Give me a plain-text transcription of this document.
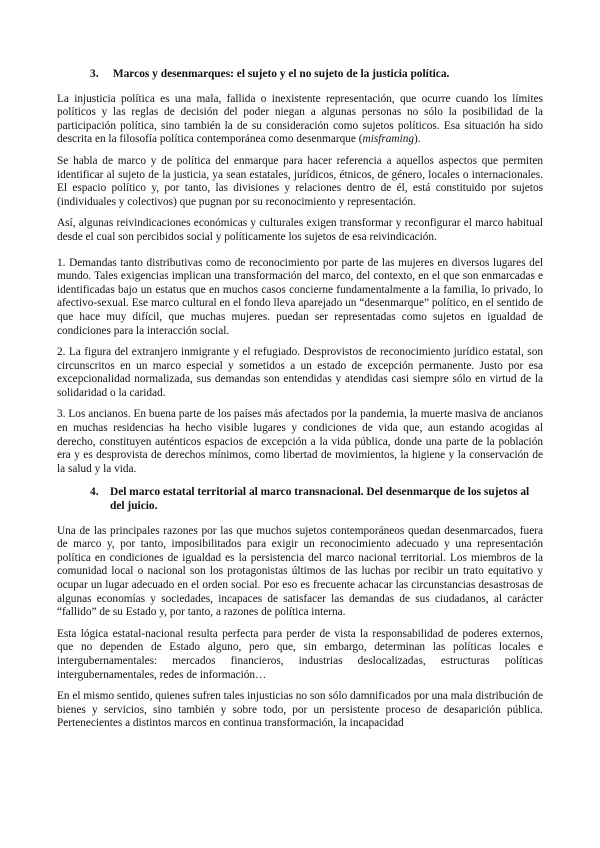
3. Marcos y desenmarques: el sujeto y el no sujeto de la justicia política.

La injusticia política es una mala, fallida o inexistente representación, que ocurre cuando los límites políticos y las reglas de decisión del poder niegan a algunas personas no sólo la posibilidad de la participación política, sino también la de su consideración como sujetos políticos. Esa situación ha sido descrita en la filosofía política contemporánea como desenmarque (misframing).

Se habla de marco y de política del enmarque para hacer referencia a aquellos aspectos que permiten identificar al sujeto de la justicia, ya sean estatales, jurídicos, étnicos, de género, locales o internacionales. El espacio político y, por tanto, las divisiones y relaciones dentro de él, está constituido por sujetos (individuales y colectivos) que pugnan por su reconocimiento y representación.

Así, algunas reivindicaciones económicas y culturales exigen transformar y reconfigurar el marco habitual desde el cual son percibidos social y políticamente los sujetos de esa reivindicación.

1. Demandas tanto distributivas como de reconocimiento por parte de las mujeres en diversos lugares del mundo. Tales exigencias implican una transformación del marco, del contexto, en el que son enmarcadas e identificadas bajo un estatus que en muchos casos concierne fundamentalmente a la familia, lo privado, lo afectivo-sexual. Ese marco cultural en el fondo lleva aparejado un “desenmarque” político, en el sentido de que hace muy difícil, que muchas mujeres. puedan ser representadas como sujetos en igualdad de condiciones para la interacción social.

2. La figura del extranjero inmigrante y el refugiado. Desprovistos de reconocimiento jurídico estatal, son circunscritos en un marco especial y sometidos a un estado de excepción permanente. Justo por esa excepcionalidad normalizada, sus demandas son entendidas y atendidas casi siempre sólo en virtud de la solidaridad o la caridad.

3. Los ancianos. En buena parte de los países más afectados por la pandemia, la muerte masiva de ancianos en muchas residencias ha hecho visible lugares y condiciones de vida que, aun estando acogidas al derecho, constituyen auténticos espacios de excepción a la vida pública, donde una parte de la población era y es desprovista de derechos mínimos, como libertad de movimientos, la higiene y la conservación de la salud y la vida.

4.	Del marco estatal territorial al marco transnacional. Del desenmarque de los sujetos al del juicio.

Una de las principales razones por las que muchos sujetos contemporáneos quedan desenmarcados, fuera de marco y, por tanto, imposibilitados para exigir un reconocimiento adecuado y una representación política en condiciones de igualdad es la persistencia del marco nacional territorial. Los miembros de la comunidad local o nacional son los protagonistas últimos de las luchas por recibir un trato equitativo y ocupar un lugar adecuado en el orden social. Por eso es frecuente achacar las circunstancias desastrosas de algunas economías y sociedades, incapaces de satisfacer las demandas de sus ciudadanos, al carácter “fallido” de su Estado y, por tanto, a razones de política interna.

Esta lógica estatal-nacional resulta perfecta para perder de vista la responsabilidad de poderes externos, que no dependen de Estado alguno, pero que, sin embargo, determinan las políticas locales e intergubernamentales: mercados financieros, industrias deslocalizadas, estructuras políticas intergubernamentales, redes de información…

En el mismo sentido, quienes sufren tales injusticias no son sólo damnificados por una mala distribución de bienes y servicios, sino también y sobre todo, por un persistente proceso de desaparición pública. Pertenecientes a distintos marcos en continua transformación, la incapacidad
